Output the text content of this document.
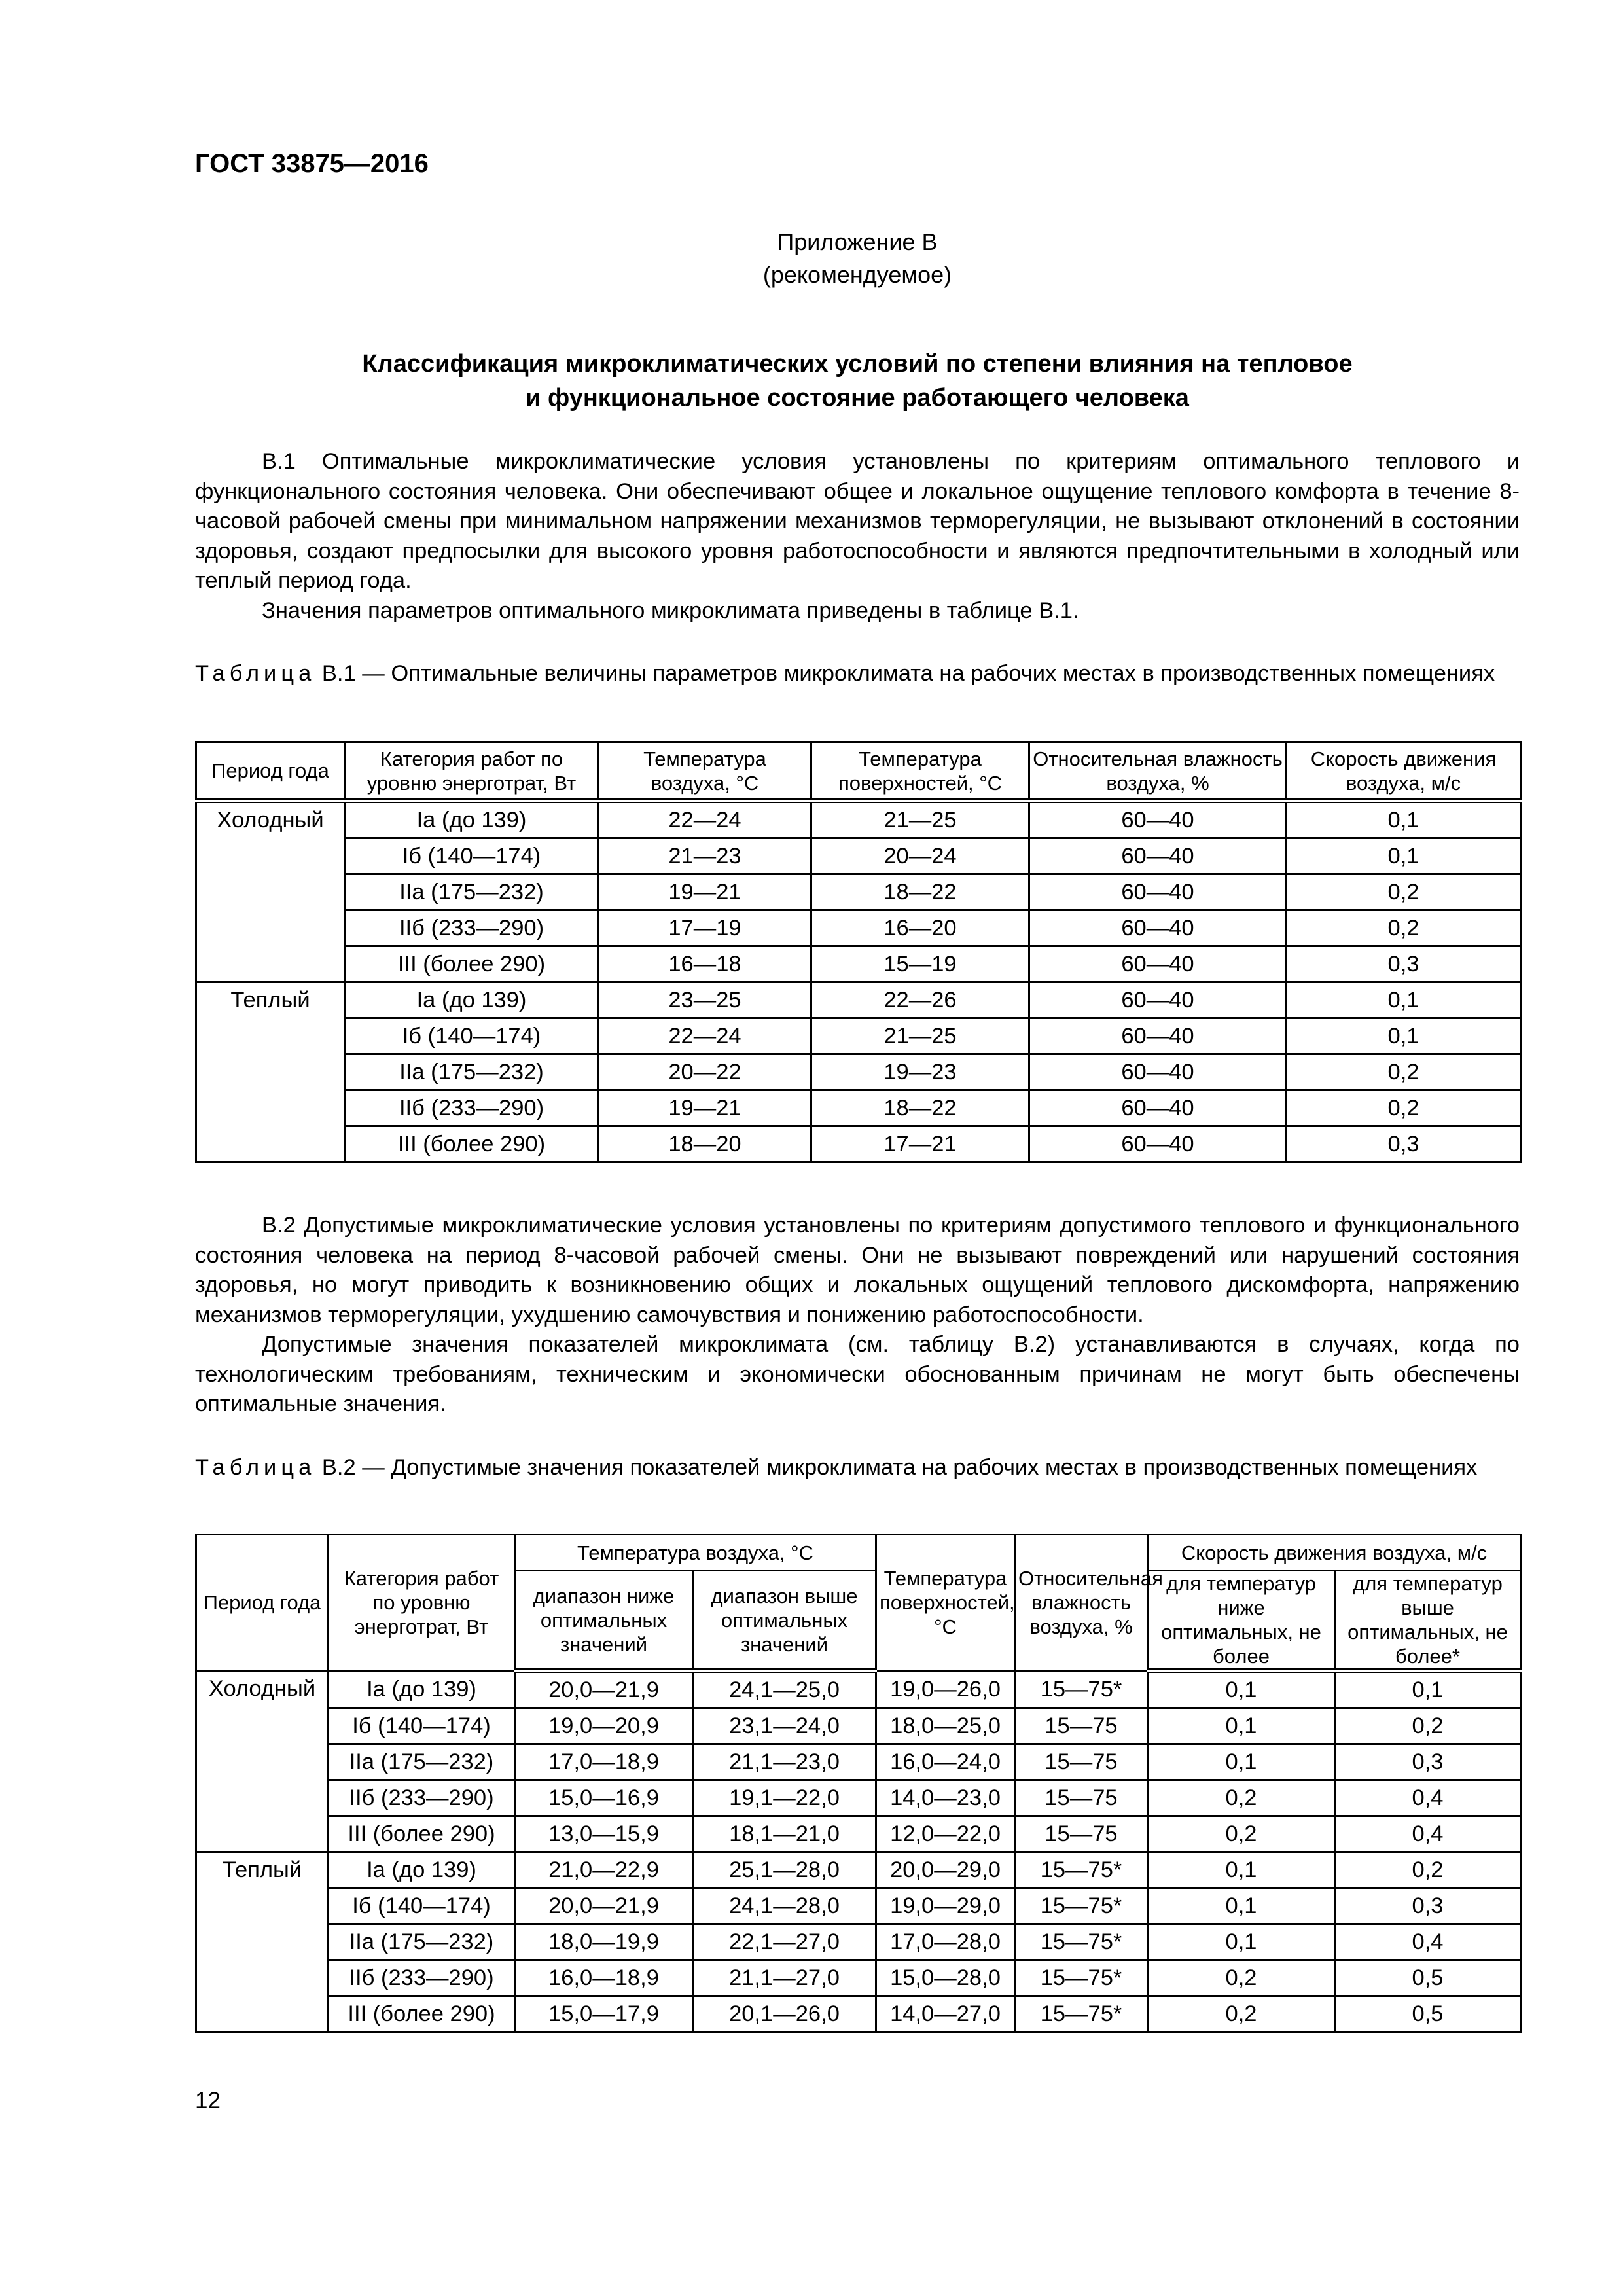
ГОСТ 33875—2016
Приложение В
(рекомендуемое)
Классификация микроклиматических условий по степени влияния на тепловое
и функциональное состояние работающего человека

В.1 Оптимальные микроклиматические условия установлены по критериям оптимального теплового и функционального состояния человека. Они обеспечивают общее и локальное ощущение теплового комфорта в течение 8-часовой рабочей смены при минимальном напряжении механизмов терморегуляции, не вызывают отклонений в состоянии здоровья, создают предпосылки для высокого уровня работоспособности и являются предпочтительными в холодный или теплый период года.

Значения параметров оптимального микроклимата приведены в таблице В.1.

Таблица В.1 — Оптимальные величины параметров микроклимата на рабочих местах в производственных помещениях
Период года	Категория работ по уровню энерготрат, Вт	Температура воздуха, °С	Температура поверхностей, °С	Относительная влажность воздуха, %	Скорость движения воздуха, м/с
Холодный	Iа (до 139)	22—24	21—25	60—40	0,1
	Iб (140—174)	21—23	20—24	60—40	0,1
	IIа (175—232)	19—21	18—22	60—40	0,2
	IIб (233—290)	17—19	16—20	60—40	0,2
	III (более 290)	16—18	15—19	60—40	0,3
Теплый	Iа (до 139)	23—25	22—26	60—40	0,1
	Iб (140—174)	22—24	21—25	60—40	0,1
	IIа (175—232)	20—22	19—23	60—40	0,2
	IIб (233—290)	19—21	18—22	60—40	0,2
	III (более 290)	18—20	17—21	60—40	0,3

В.2 Допустимые микроклиматические условия установлены по критериям допустимого теплового и функционального состояния человека на период 8-часовой рабочей смены. Они не вызывают повреждений или нарушений состояния здоровья, но могут приводить к возникновению общих и локальных ощущений теплового дискомфорта, напряжению механизмов терморегуляции, ухудшению самочувствия и понижению работоспособности.

Допустимые значения показателей микроклимата (см. таблицу В.2) устанавливаются в случаях, когда по технологическим требованиям, техническим и экономически обоснованным причинам не могут быть обеспечены оптимальные значения.

Таблица В.2 — Допустимые значения показателей микроклимата на рабочих местах в производственных помещениях
Период года	Категория работ по уровню энерготрат, Вт	Температура воздуха, °С		Температура поверхностей, °С	Относительная влажность воздуха, %	Скорость движения воздуха, м/с	
		диапазон ниже оптимальных значений	диапазон выше оптимальных значений			для температур ниже оптимальных, не более	для температур выше оптимальных, не более*
Холодный	Iа (до 139)	20,0—21,9	24,1—25,0	19,0—26,0	15—75*	0,1	0,1
	Iб (140—174)	19,0—20,9	23,1—24,0	18,0—25,0	15—75	0,1	0,2
	IIа (175—232)	17,0—18,9	21,1—23,0	16,0—24,0	15—75	0,1	0,3
	IIб (233—290)	15,0—16,9	19,1—22,0	14,0—23,0	15—75	0,2	0,4
	III (более 290)	13,0—15,9	18,1—21,0	12,0—22,0	15—75	0,2	0,4
Теплый	Iа (до 139)	21,0—22,9	25,1—28,0	20,0—29,0	15—75*	0,1	0,2
	Iб (140—174)	20,0—21,9	24,1—28,0	19,0—29,0	15—75*	0,1	0,3
	IIа (175—232)	18,0—19,9	22,1—27,0	17,0—28,0	15—75*	0,1	0,4
	IIб (233—290)	16,0—18,9	21,1—27,0	15,0—28,0	15—75*	0,2	0,5
	III (более 290)	15,0—17,9	20,1—26,0	14,0—27,0	15—75*	0,2	0,5
12
